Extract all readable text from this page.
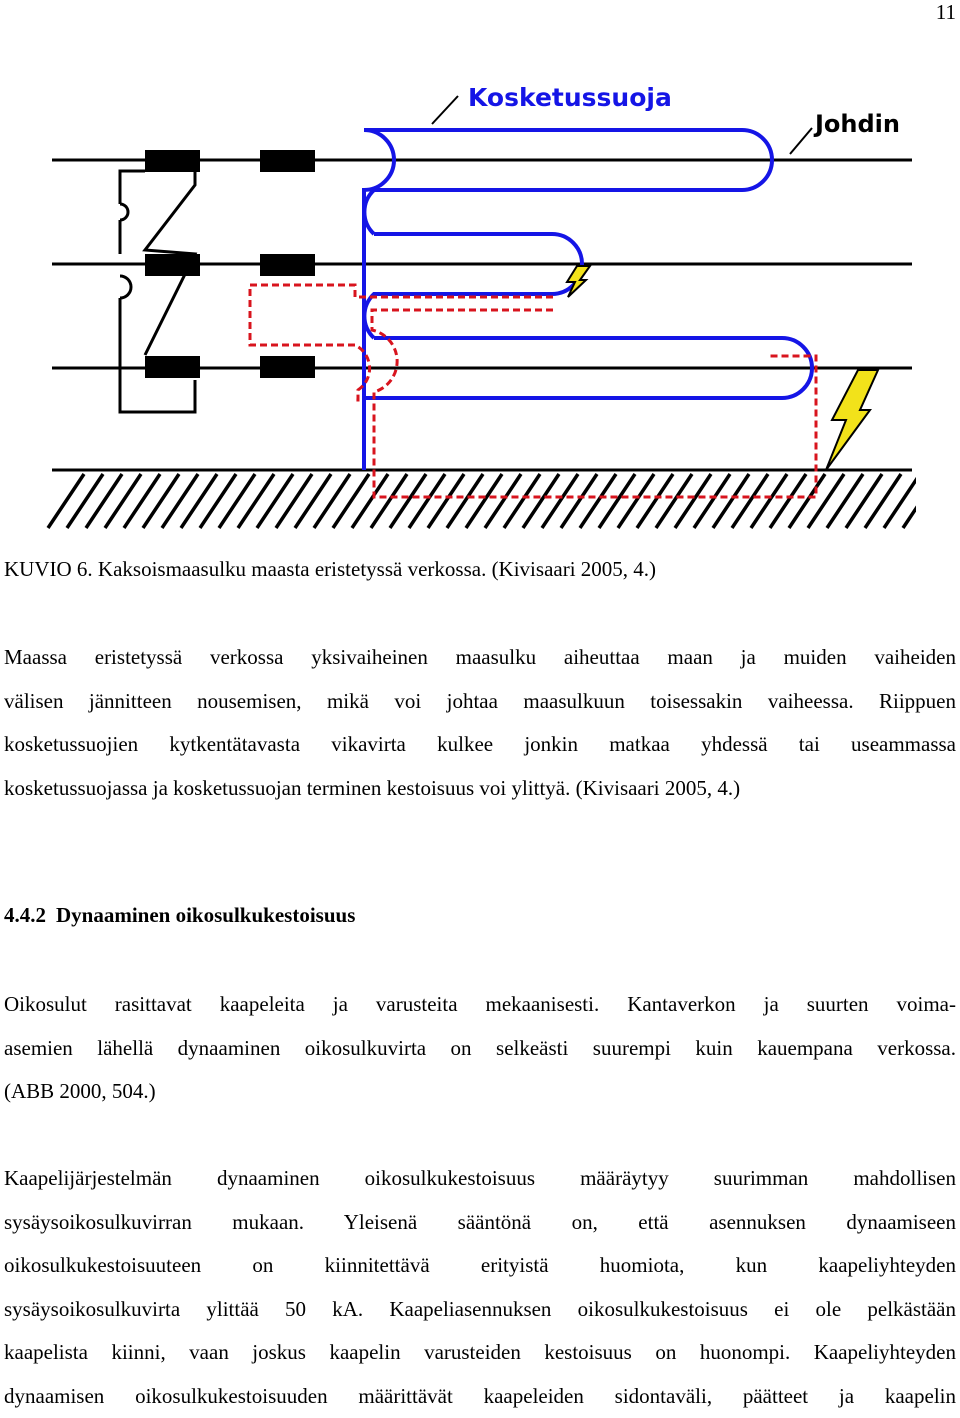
11
Kosketussuoja
Johdin
KUVIO 6. Kaksoismaasulku maasta eristetyssä verkossa. (Kivisaari 2005, 4.)
Maassa eristetyssä verkossa yksivaiheinen maasulku aiheuttaa maan ja muiden vaiheiden
välisen jännitteen nousemisen, mikä voi johtaa maasulkuun toisessakin vaiheessa. Riippuen
kosketussuojien kytkentätavasta vikavirta kulkee jonkin matkaa yhdessä tai useammassa
kosketussuojassa ja kosketussuojan terminen kestoisuus voi ylittyä. (Kivisaari 2005, 4.)
4.4.2 Dynaaminen oikosulkukestoisuus
Oikosulut rasittavat kaapeleita ja varusteita mekaanisesti. Kantaverkon ja suurten voima-
asemien lähellä dynaaminen oikosulkuvirta on selkeästi suurempi kuin kauempana verkossa.
(ABB 2000, 504.)
Kaapelijärjestelmän dynaaminen oikosulkukestoisuus määräytyy suurimman mahdollisen
sysäysoikosulkuvirran mukaan. Yleisenä sääntönä on, että asennuksen dynaamiseen
oikosulkukestoisuuteen on kiinnitettävä erityistä huomiota, kun kaapeliyhteyden
sysäysoikosulkuvirta ylittää 50 kA. Kaapeliasennuksen oikosulkukestoisuus ei ole pelkästään
kaapelista kiinni, vaan joskus kaapelin varusteiden kestoisuus on huonompi. Kaapeliyhteyden
dynaamisen oikosulkukestoisuuden määrittävät kaapeleiden sidontaväli, päätteet ja kaapelin
